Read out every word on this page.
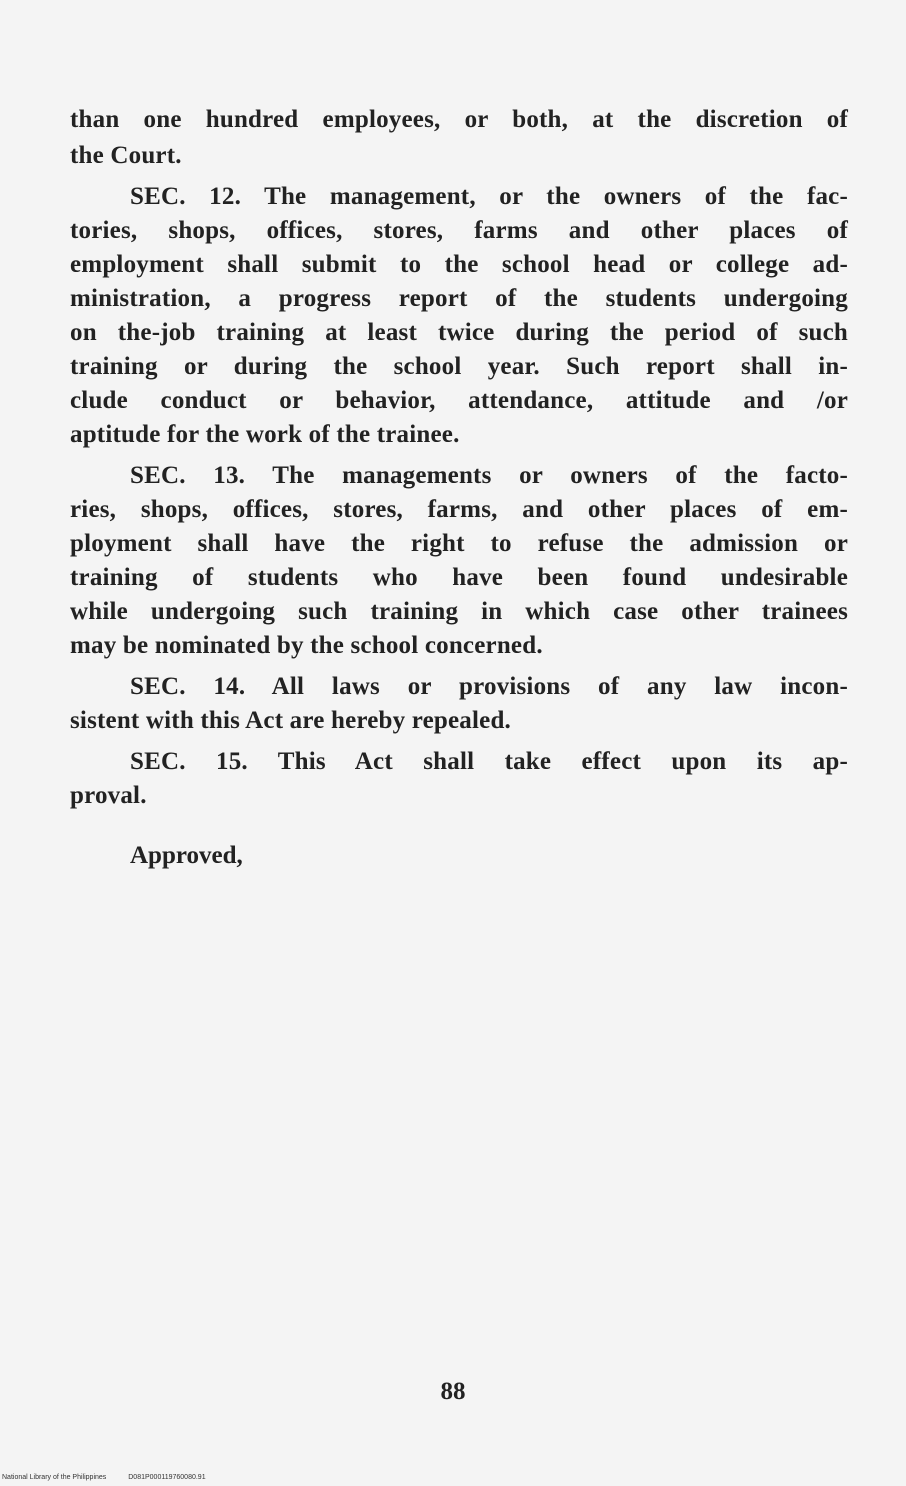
than one hundred employees, or both, at the discretion of
the Court.
SEC. 12. The management, or the owners of the fac-
tories, shops, offices, stores, farms and other places of
employment shall submit to the school head or college ad-
ministration, a progress report of the students undergoing
on the-job training at least twice during the period of such
training or during the school year. Such report shall in-
clude conduct or behavior, attendance, attitude and /or
aptitude for the work of the trainee.
SEC. 13. The managements or owners of the facto-
ries, shops, offices, stores, farms, and other places of em-
ployment shall have the right to refuse the admission or
training of students who have been found undesirable
while undergoing such training in which case other trainees
may be nominated by the school concerned.
SEC. 14. All laws or provisions of any law incon-
sistent with this Act are hereby repealed.
SEC. 15. This Act shall take effect upon its ap-
proval.
Approved,
88
National Library of the Philippines	D081P000119760080.91
